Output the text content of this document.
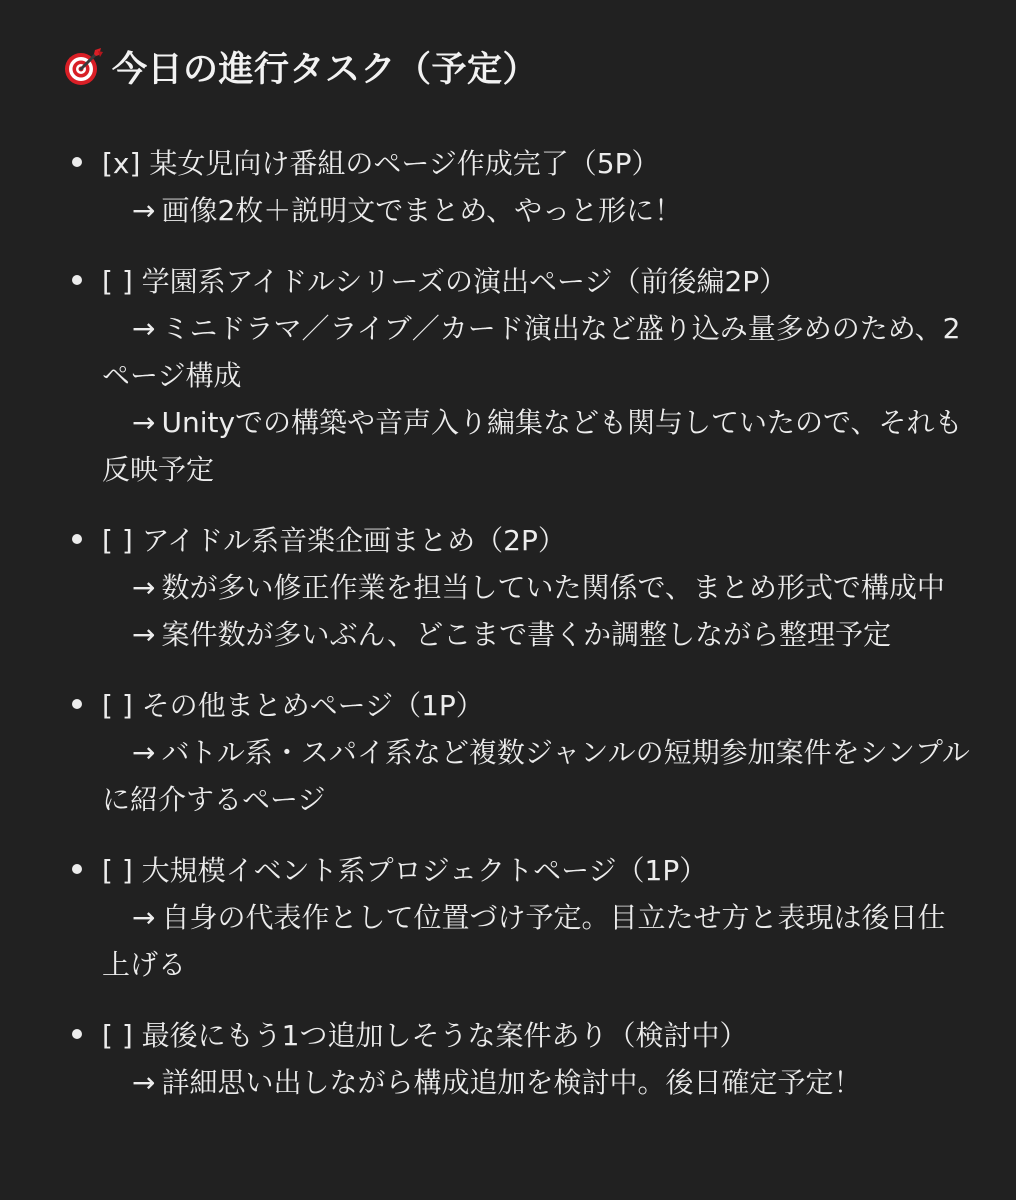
今日の進行タスク（予定）
[x] 某女児向け番組のページ作成完了（5P）
→ 画像2枚＋説明文でまとめ、やっと形に！
[ ] 学園系アイドルシリーズの演出ページ（前後編2P）
→ ミニドラマ／ライブ／カード演出など盛り込み量多めのため、2ページ構成
→ Unityでの構築や音声入り編集なども関与していたので、それも反映予定
[ ] アイドル系音楽企画まとめ（2P）
→ 数が多い修正作業を担当していた関係で、まとめ形式で構成中
→ 案件数が多いぶん、どこまで書くか調整しながら整理予定
[ ] その他まとめページ（1P）
→ バトル系・スパイ系など複数ジャンルの短期参加案件をシンプルに紹介するページ
[ ] 大規模イベント系プロジェクトページ（1P）
→ 自身の代表作として位置づけ予定。目立たせ方と表現は後日仕上げる
[ ] 最後にもう1つ追加しそうな案件あり（検討中）
→ 詳細思い出しながら構成追加を検討中。後日確定予定！
